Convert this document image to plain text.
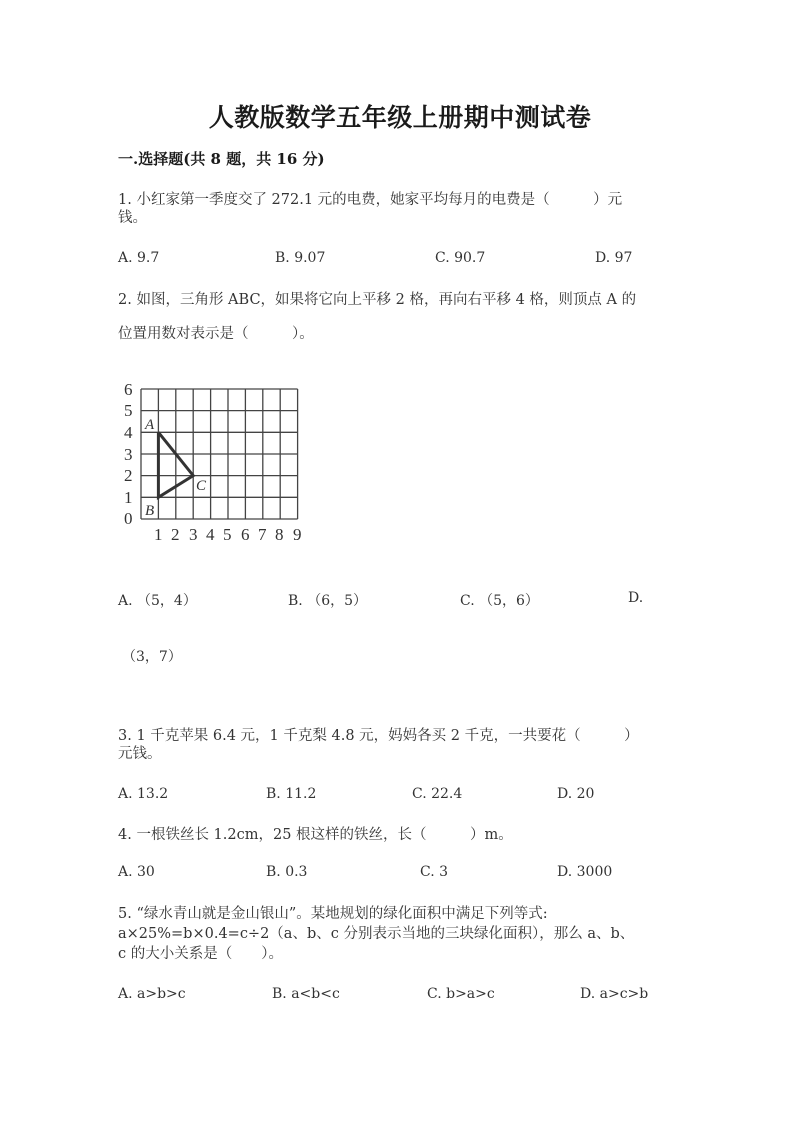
人教版数学五年级上册期中测试卷
一.选择题(共 8 题，共 16 分)
1. 小红家第一季度交了 272.1 元的电费，她家平均每月的电费是（　　　）元
钱。
A. 9.7	B. 9.07	C. 90.7	D. 97
2. 如图，三角形 ABC，如果将它向上平移 2 格，再向右平移 4 格，则顶点 A 的
位置用数对表示是（　　　）。
0
1
2
3
4
5
6
1 2 3 4 5 6 7 8 9
A
B
C
A. （5，4）	B. （6，5）	C. （5，6）	D.
（3，7）
3. 1 千克苹果 6.4 元，1 千克梨 4.8 元，妈妈各买 2 千克，一共要花（　　　）
元钱。
A. 13.2	B. 11.2	C. 22.4	D. 20
4. 一根铁丝长 1.2cm，25 根这样的铁丝，长（　　　）m。
A. 30	B. 0.3	C. 3	D. 3000
5. “绿水青山就是金山银山”。某地规划的绿化面积中满足下列等式:
a×25%=b×0.4=c÷2（a、b、c 分别表示当地的三块绿化面积），那么 a、b、
c 的大小关系是（　　）。
A. a>b>c	B. a<b<c	C. b>a>c	D. a>c>b
